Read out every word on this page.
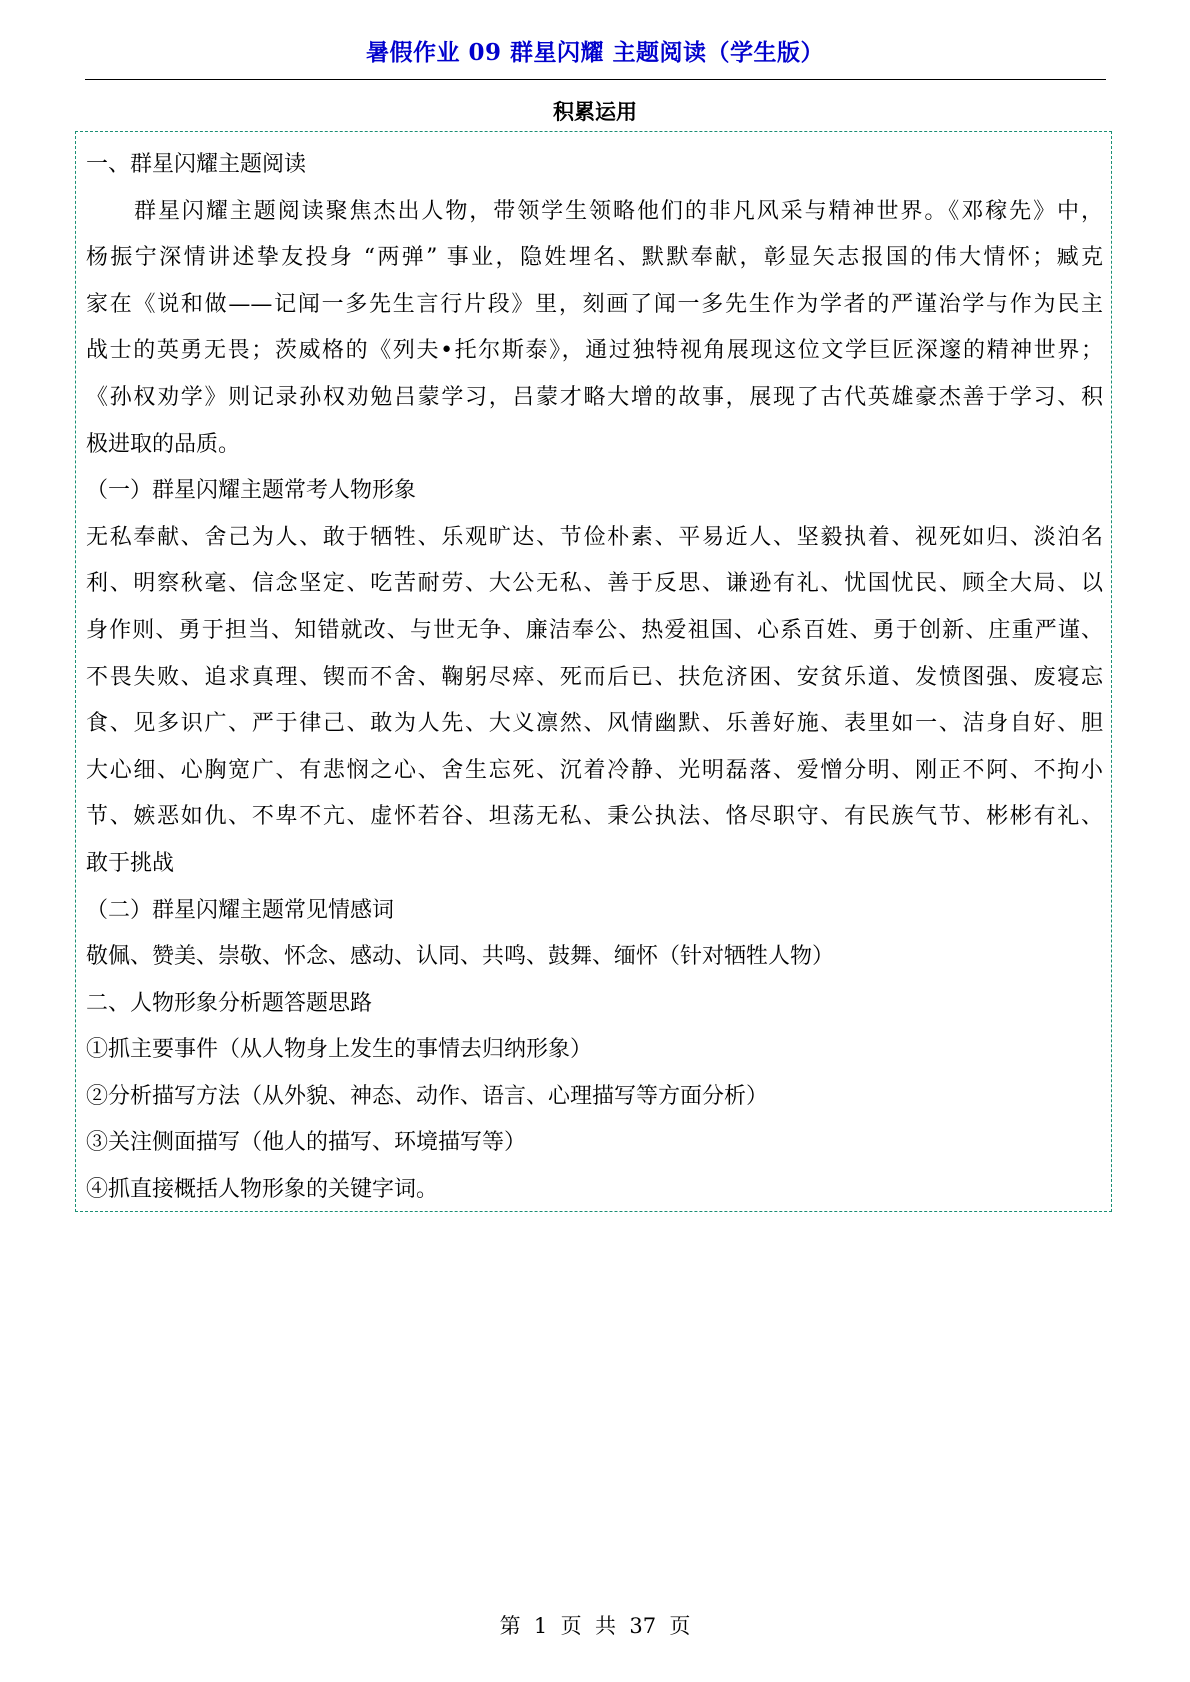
暑假作业 09 群星闪耀 主题阅读（学生版）
积累运用

一、群星闪耀主题阅读

群星闪耀主题阅读聚焦杰出人物，带领学生领略他们的非凡风采与精神世界。《邓稼先》中，

杨振宁深情讲述挚友投身 “两弹” 事业，隐姓埋名、默默奉献，彰显矢志报国的伟大情怀；臧克

家在《说和做——记闻一多先生言行片段》里，刻画了闻一多先生作为学者的严谨治学与作为民主

战士的英勇无畏；茨威格的《列夫•托尔斯泰》，通过独特视角展现这位文学巨匠深邃的精神世界；

《孙权劝学》则记录孙权劝勉吕蒙学习，吕蒙才略大增的故事，展现了古代英雄豪杰善于学习、积

极进取的品质。

（一）群星闪耀主题常考人物形象

无私奉献、舍己为人、敢于牺牲、乐观旷达、节俭朴素、平易近人、坚毅执着、视死如归、淡泊名

利、明察秋毫、信念坚定、吃苦耐劳、大公无私、善于反思、谦逊有礼、忧国忧民、顾全大局、以

身作则、勇于担当、知错就改、与世无争、廉洁奉公、热爱祖国、心系百姓、勇于创新、庄重严谨、

不畏失败、追求真理、锲而不舍、鞠躬尽瘁、死而后已、扶危济困、安贫乐道、发愤图强、废寝忘

食、见多识广、严于律己、敢为人先、大义凛然、风情幽默、乐善好施、表里如一、洁身自好、胆

大心细、心胸宽广、有悲悯之心、舍生忘死、沉着冷静、光明磊落、爱憎分明、刚正不阿、不拘小

节、嫉恶如仇、不卑不亢、虚怀若谷、坦荡无私、秉公执法、恪尽职守、有民族气节、彬彬有礼、

敢于挑战

（二）群星闪耀主题常见情感词

敬佩、赞美、崇敬、怀念、感动、认同、共鸣、鼓舞、缅怀（针对牺牲人物）

二、人物形象分析题答题思路

①抓主要事件（从人物身上发生的事情去归纳形象）

②分析描写方法（从外貌、神态、动作、语言、心理描写等方面分析）

③关注侧面描写（他人的描写、环境描写等）

④抓直接概括人物形象的关键字词。

第  1  页  共  37  页
